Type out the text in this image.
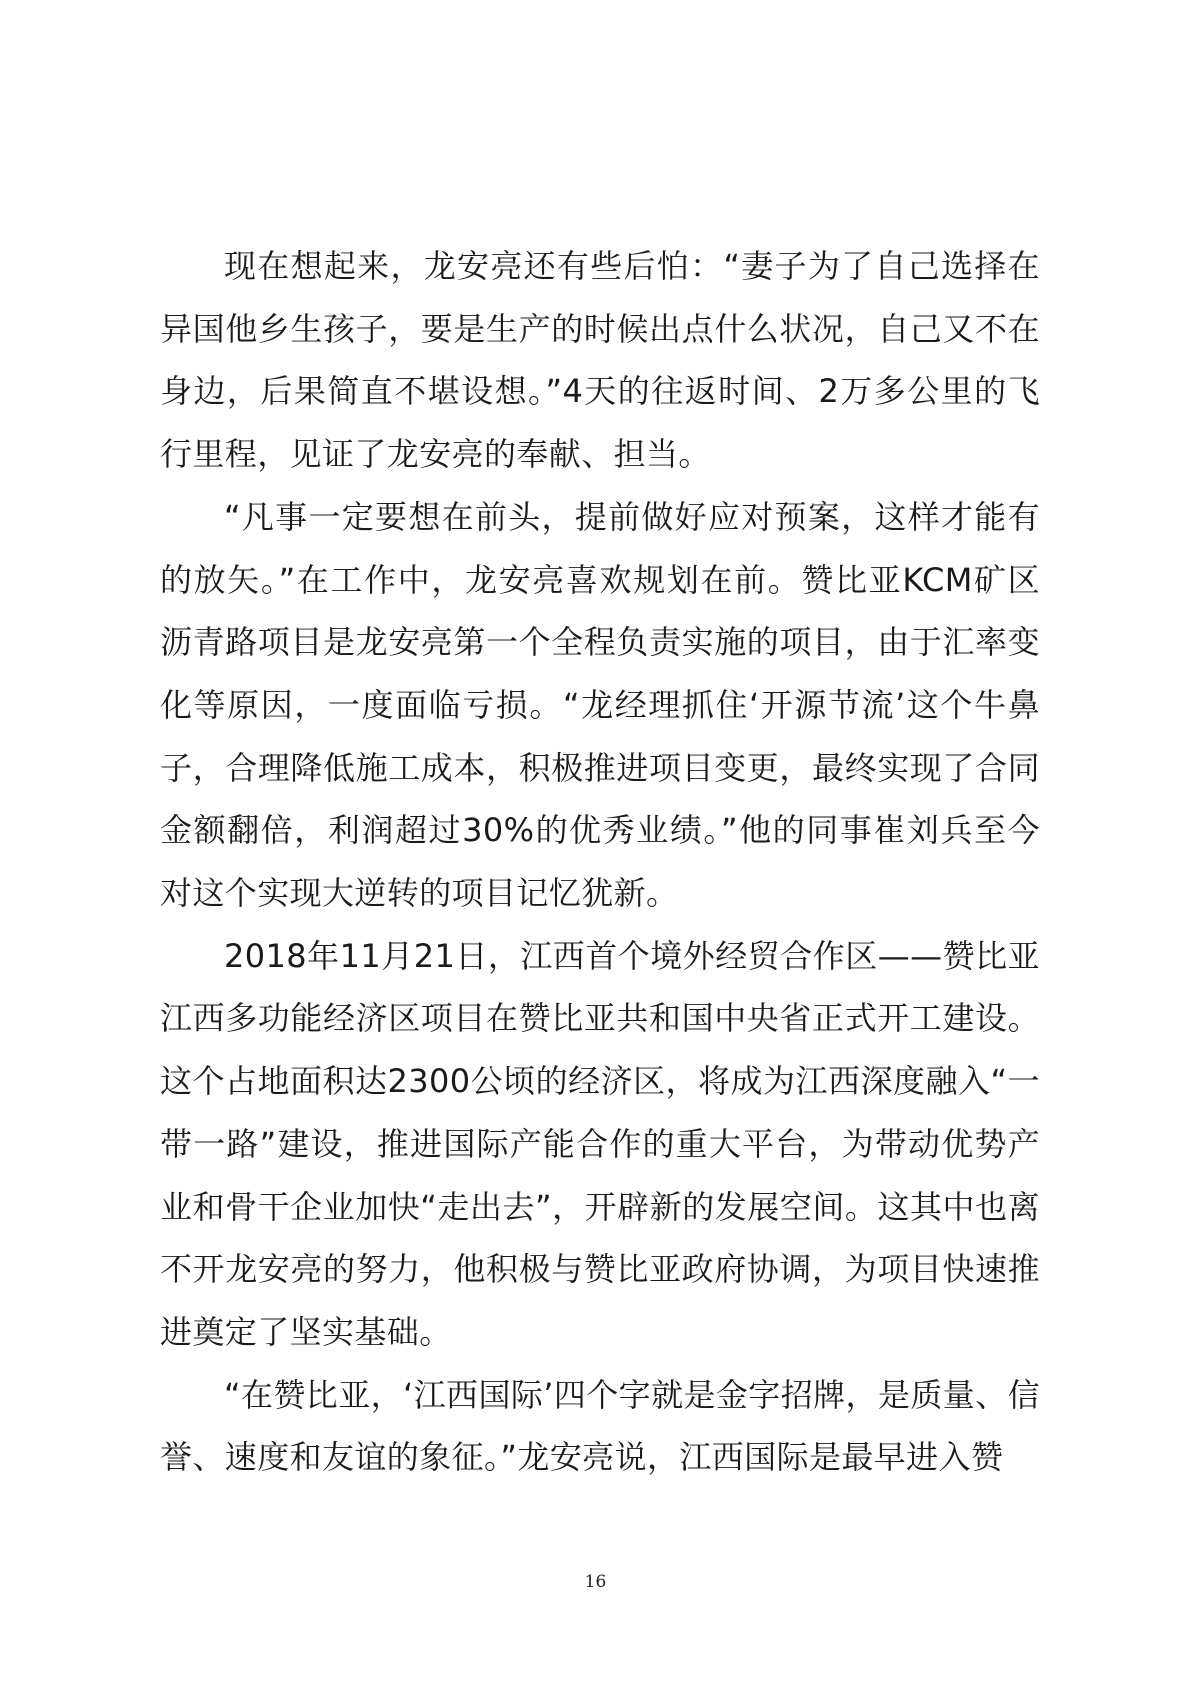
现在想起来，龙安亮还有些后怕：“妻子为了自己选择在异国他乡生孩子，要是生产的时候出点什么状况，自己又不在身边，后果简直不堪设想。”4天的往返时间、2万多公里的飞行里程，见证了龙安亮的奉献、担当。

“凡事一定要想在前头，提前做好应对预案，这样才能有的放矢。”在工作中，龙安亮喜欢规划在前。赞比亚KCM矿区沥青路项目是龙安亮第一个全程负责实施的项目，由于汇率变化等原因，一度面临亏损。“龙经理抓住‘开源节流’这个牛鼻子，合理降低施工成本，积极推进项目变更，最终实现了合同金额翻倍，利润超过30%的优秀业绩。”他的同事崔刘兵至今对这个实现大逆转的项目记忆犹新。

2018年11月21日，江西首个境外经贸合作区——赞比亚江西多功能经济区项目在赞比亚共和国中央省正式开工建设。这个占地面积达2300公顷的经济区，将成为江西深度融入“一带一路”建设，推进国际产能合作的重大平台，为带动优势产业和骨干企业加快“走出去”，开辟新的发展空间。这其中也离不开龙安亮的努力，他积极与赞比亚政府协调，为项目快速推进奠定了坚实基础。

“在赞比亚，‘江西国际’四个字就是金字招牌，是质量、信誉、速度和友谊的象征。”龙安亮说，江西国际是最早进入赞

16
